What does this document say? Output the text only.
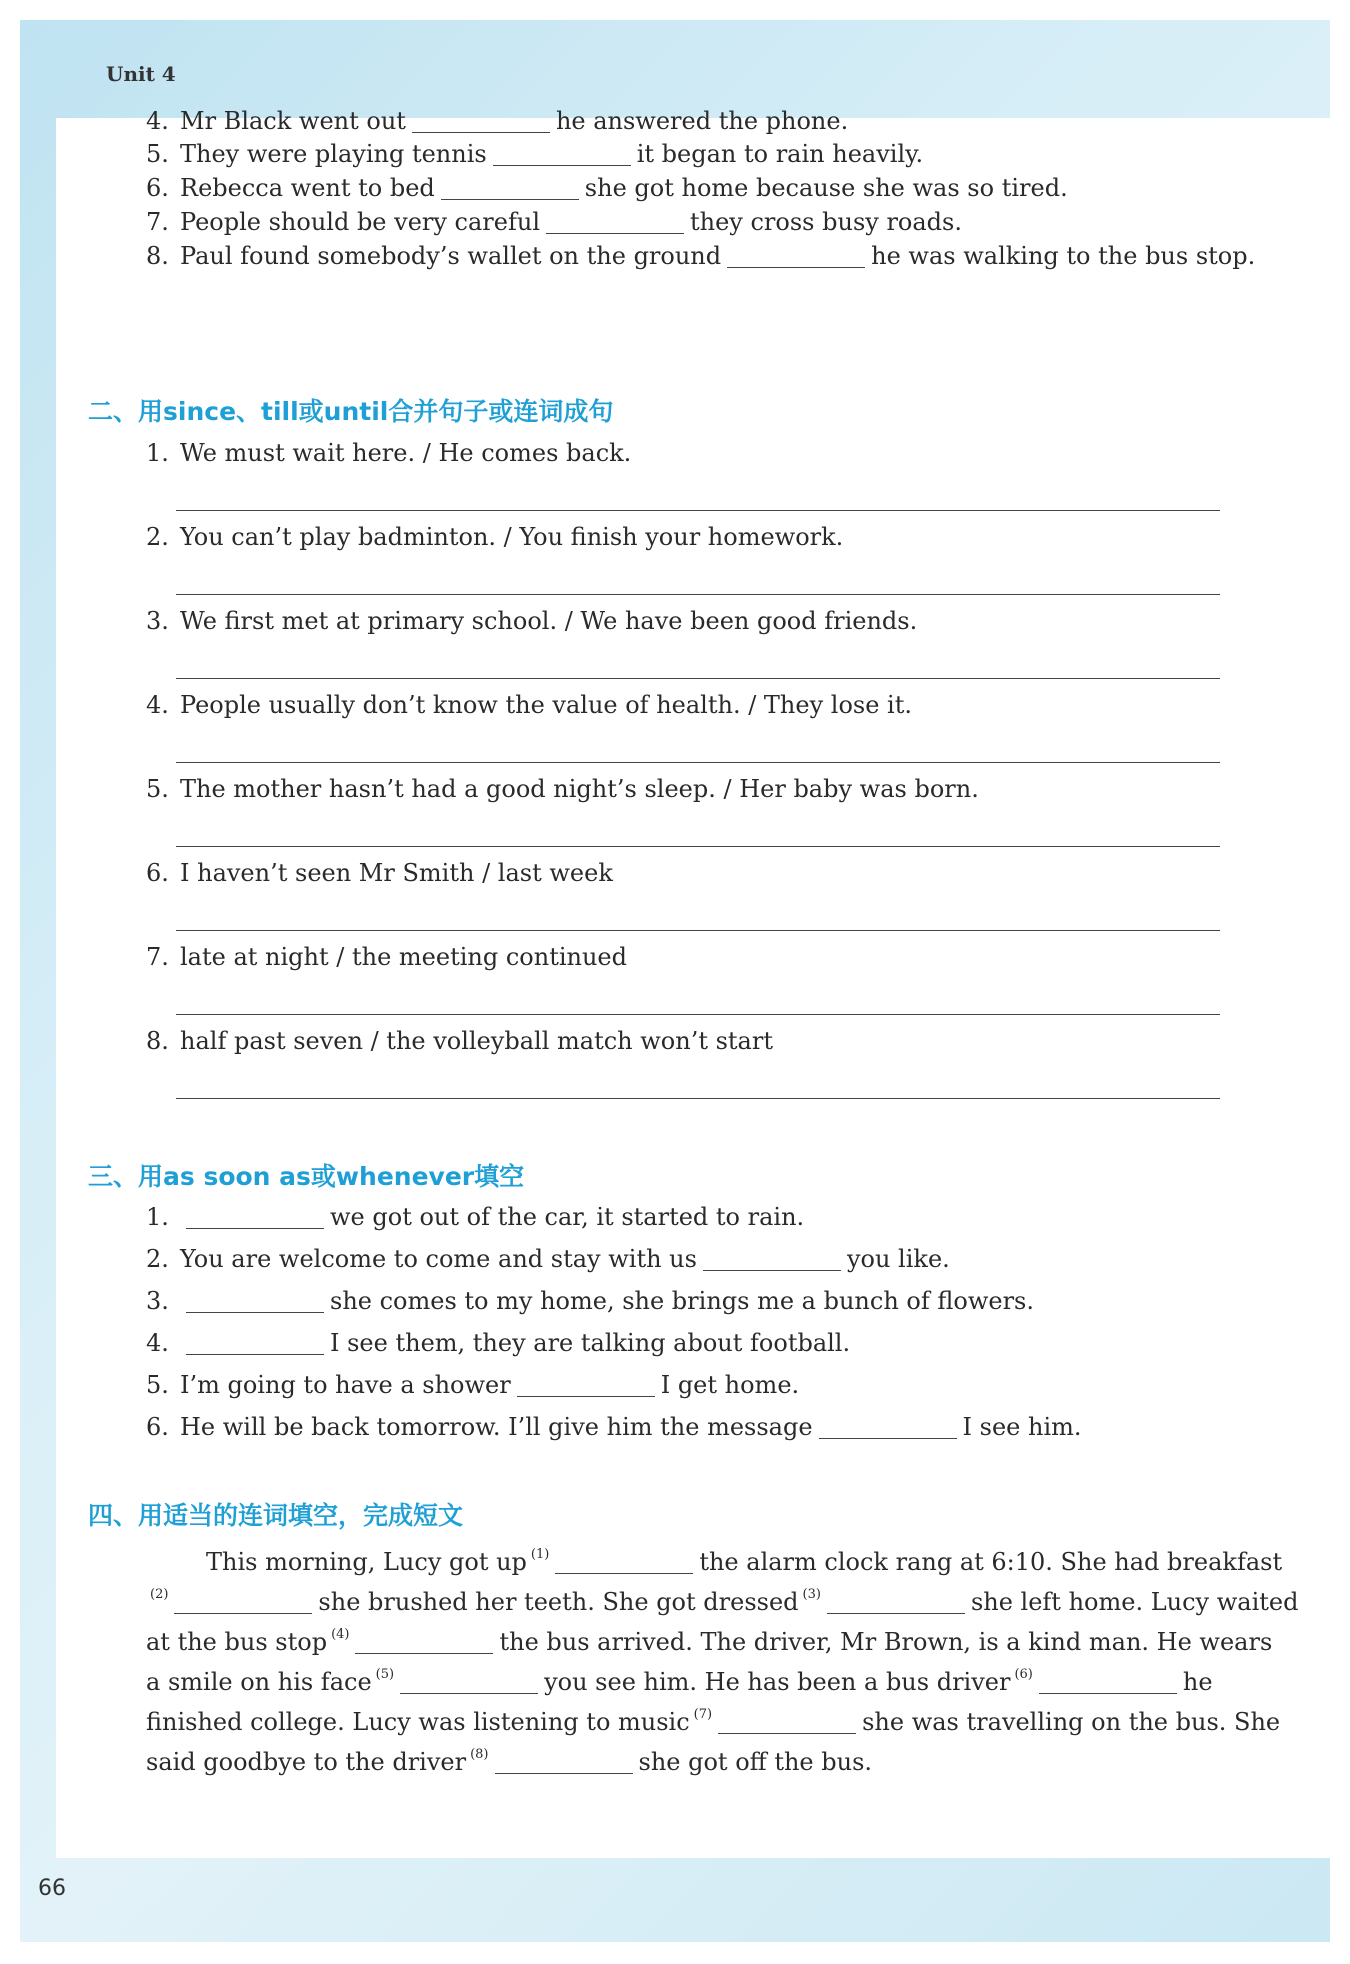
Unit 4
66
4. Mr Black went out	he answered the phone.
5. They were playing tennis	it began to rain heavily.
6. Rebecca went to bed	she got home because she was so tired.
7. People should be very careful	they cross busy roads.
8. Paul found somebody’s wallet on the ground	he was walking to the bus stop.
二、用since、till或until合并句子或连词成句
1. We must wait here. / He comes back.
2. You can’t play badminton. / You finish your homework.
3. We first met at primary school. / We have been good friends.
4. People usually don’t know the value of health. / They lose it.
5. The mother hasn’t had a good night’s sleep. / Her baby was born.
6. I haven’t seen Mr Smith / last week
7. late at night / the meeting continued
8. half past seven / the volleyball match won’t start
三、用as soon as或whenever填空
1.	we got out of the car, it started to rain.
2. You are welcome to come and stay with us	you like.
3.	she comes to my home, she brings me a bunch of flowers.
4.	I see them, they are talking about football.
5. I’m going to have a shower	I get home.
6. He will be back tomorrow. I’ll give him the message	I see him.
四、用适当的连词填空，完成短文
This morning, Lucy got up $^{(1)}$	the alarm clock rang at 6:10. She had breakfast
$^{(2)}$	she brushed her teeth. She got dressed $^{(3)}$	she left home. Lucy waited
at the bus stop $^{(4)}$	the bus arrived. The driver, Mr Brown, is a kind man. He wears
a smile on his face $^{(5)}$	you see him. He has been a bus driver $^{(6)}$	he
finished college. Lucy was listening to music $^{(7)}$	she was travelling on the bus. She
said goodbye to the driver $^{(8)}$	she got off the bus.
